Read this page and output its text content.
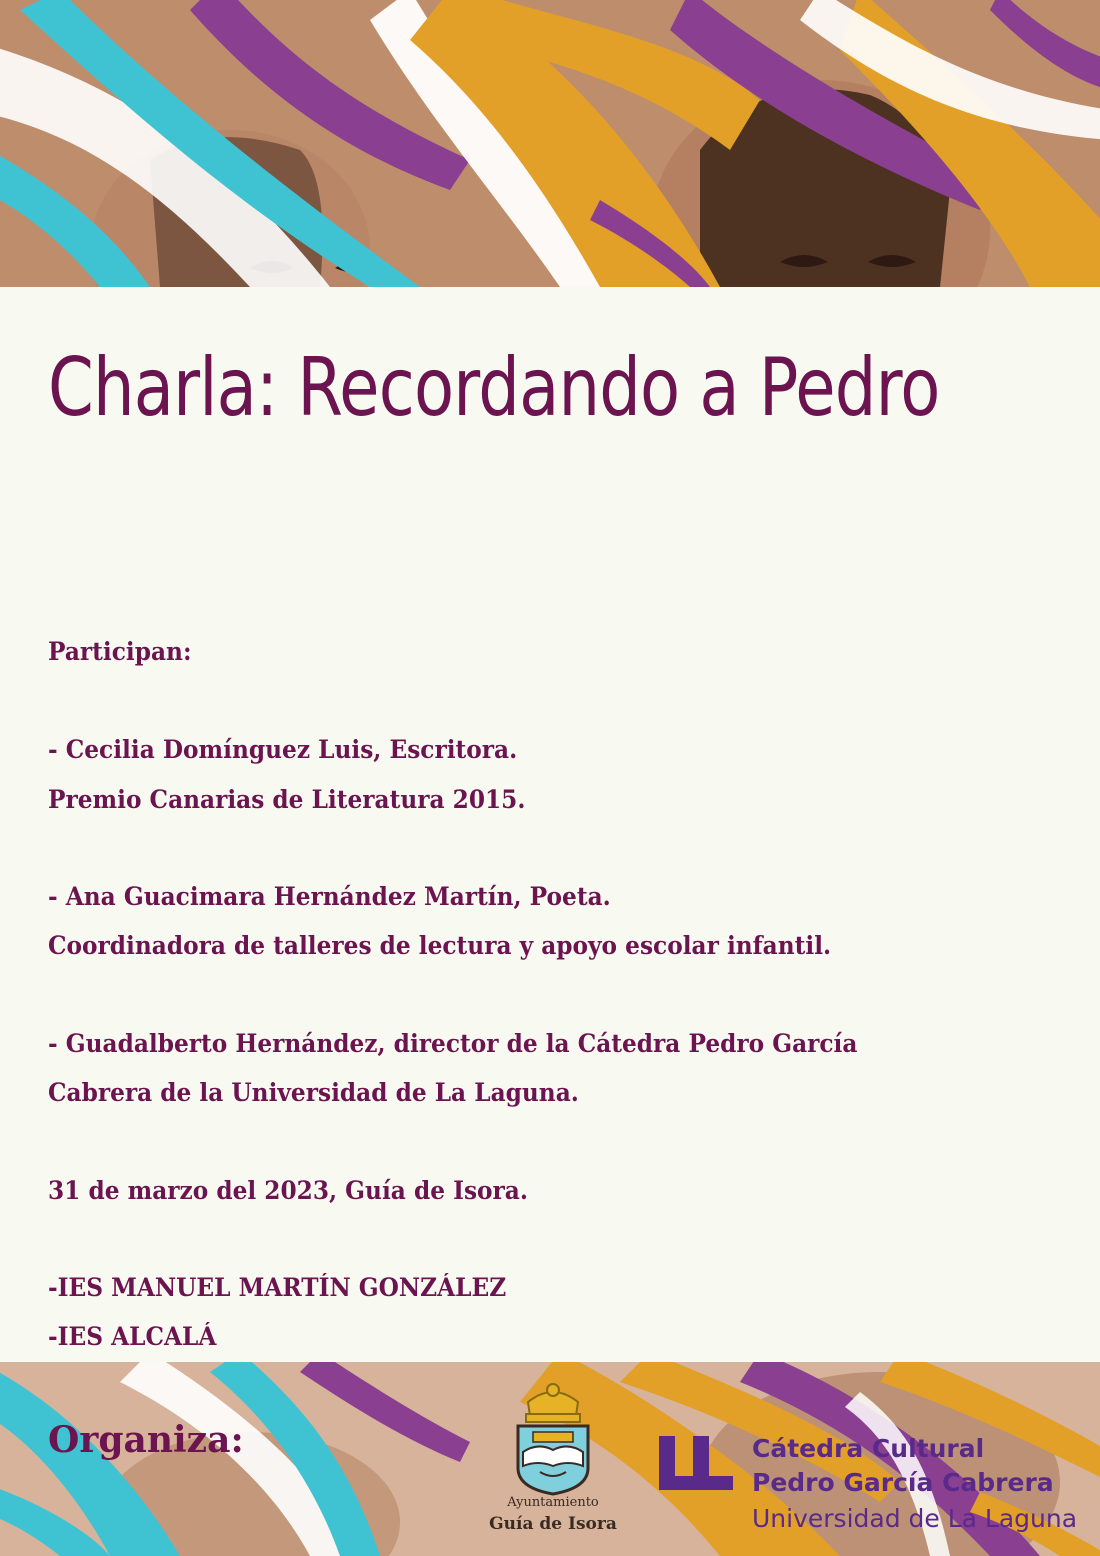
Charla: Recordando a Pedro

Participan:

- Cecilia Domínguez Luis, Escritora.

Premio Canarias de Literatura 2015.

- Ana Guacimara Hernández Martín, Poeta.

Coordinadora de talleres de lectura y apoyo escolar infantil.

- Guadalberto Hernández, director de la Cátedra Pedro García

Cabrera de la Universidad de La Laguna.

31 de marzo del 2023, Guía de Isora.

-IES MANUEL MARTÍN GONZÁLEZ

-IES ALCALÁ

Organiza:

Ayuntamiento

Guía de Isora

Cátedra Cultural

Pedro García Cabrera

Universidad de La Laguna
